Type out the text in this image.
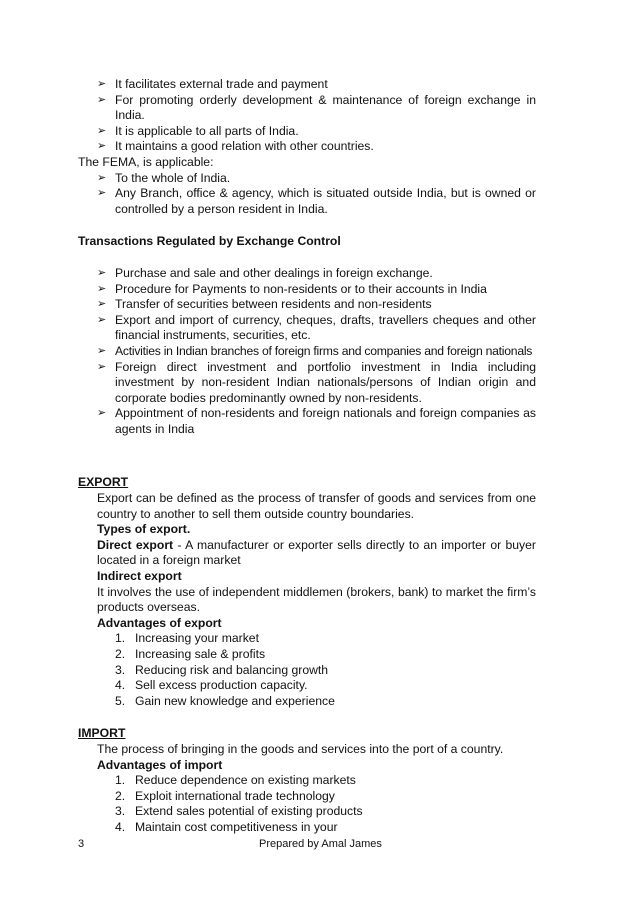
➢ It facilitates external trade and payment
➢ For promoting orderly development & maintenance of foreign exchange in India.
➢ It is applicable to all parts of India.
➢ It maintains a good relation with other countries.

The FEMA, is applicable:

➢ To the whole of India.
➢ Any Branch, office & agency, which is situated outside India, but is owned or controlled by a person resident in India.

Transactions Regulated by Exchange Control

➢ Purchase and sale and other dealings in foreign exchange.
➢ Procedure for Payments to non-residents or to their accounts in India
➢ Transfer of securities between residents and non-residents
➢ Export and import of currency, cheques, drafts, travellers cheques and other financial instruments, securities, etc.
➢ Activities in Indian branches of foreign firms and companies and foreign nationals
➢ Foreign direct investment and portfolio investment in India including investment by non-resident Indian nationals/persons of Indian origin and corporate bodies predominantly owned by non-residents.
➢ Appointment of non-residents and foreign nationals and foreign companies as agents in India

EXPORT

Export can be defined as the process of transfer of goods and services from one country to another to sell them outside country boundaries.

Types of export.

Direct export - A manufacturer or exporter sells directly to an importer or buyer located in a foreign market

Indirect export

It involves the use of independent middlemen (brokers, bank) to market the firm’s products overseas.

Advantages of export

1. Increasing your market
2. Increasing sale & profits
3. Reducing risk and balancing growth
4. Sell excess production capacity.
5. Gain new knowledge and experience

IMPORT

The process of bringing in the goods and services into the port of a country.

Advantages of import

1. Reduce dependence on existing markets
2. Exploit international trade technology
3. Extend sales potential of existing products
4. Maintain cost competitiveness in your
3	Prepared by Amal James
